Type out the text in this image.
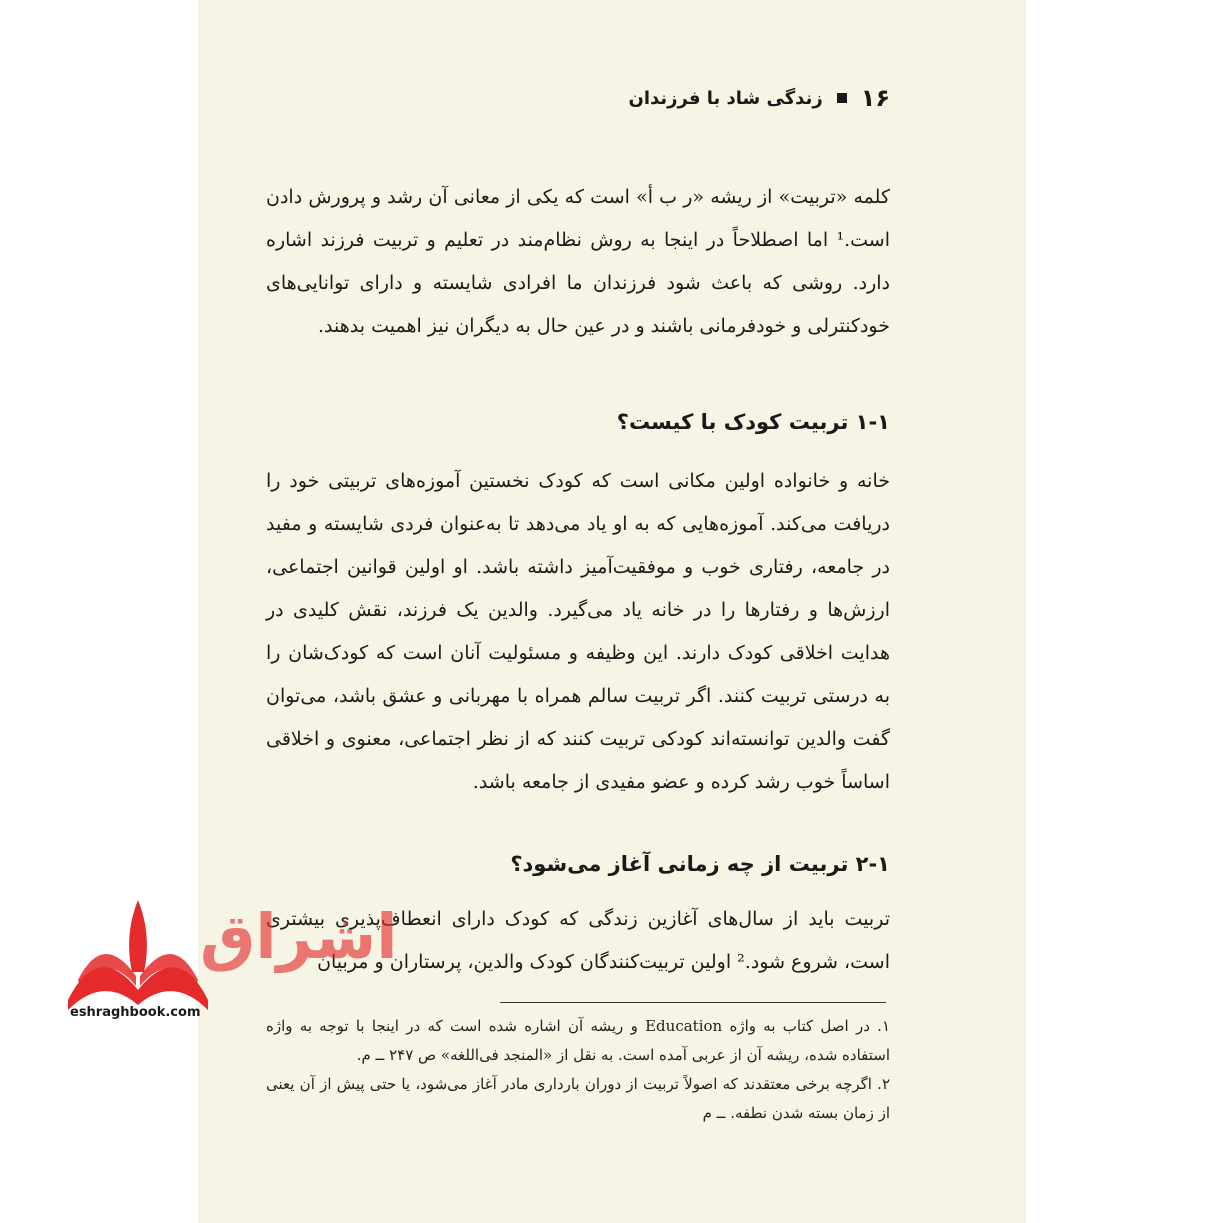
۱۶
زندگی شاد با فرزندان

کلمه «تربیت» از ریشه «ر ب أ» است که یکی از معانی آن رشد و پرورش دادن است.¹ اما اصطلاحاً در اینجا به روش نظام‌مند در تعلیم و تربیت فرزند اشاره دارد. روشی که باعث شود فرزندان ما افرادی شایسته و دارای توانایی‌های خودکنترلی و خودفرمانی باشند و در عین حال به دیگران نیز اهمیت بدهند.

۱-۱ تربیت کودک با کیست؟

خانه و خانواده اولین مکانی است که کودک نخستین آموزه‌های تربیتی خود را دریافت می‌کند. آموزه‌هایی که به او یاد می‌دهد تا به‌عنوان فردی شایسته و مفید در جامعه، رفتاری خوب و موفقیت‌آمیز داشته باشد. او اولین قوانین اجتماعی، ارزش‌ها و رفتارها را در خانه یاد می‌گیرد. والدین یک فرزند، نقش کلیدی در هدایت اخلاقی کودک دارند. این وظیفه و مسئولیت آنان است که کودک‌شان را به درستی تربیت کنند. اگر تربیت سالم همراه با مهربانی و عشق باشد، می‌توان گفت والدین توانسته‌اند کودکی تربیت کنند که از نظر اجتماعی، معنوی و اخلاقی اساساً خوب رشد کرده و عضو مفیدی از جامعه باشد.

۲-۱ تربیت از چه زمانی آغاز می‌شود؟

تربیت باید از سال‌های آغازین زندگی که کودک دارای انعطاف‌پذیری بیشتری است، شروع شود.² اولین تربیت‌کنندگان کودک والدین، پرستاران و مربیان

۱. در اصل کتاب به واژه Education و ریشه آن اشاره شده است که در اینجا با توجه به واژه استفاده شده، ریشه آن از عربی آمده است. به نقل از «المنجد فی‌اللغه» ص ۲۴۷ ــ م.

۲. اگرچه برخی معتقدند که اصولاً تربیت از دوران بارداری مادر آغاز می‌شود، یا حتی پیش از آن یعنی از زمان بسته شدن نطفه. ــ م

اشراق
eshraghbook.com
